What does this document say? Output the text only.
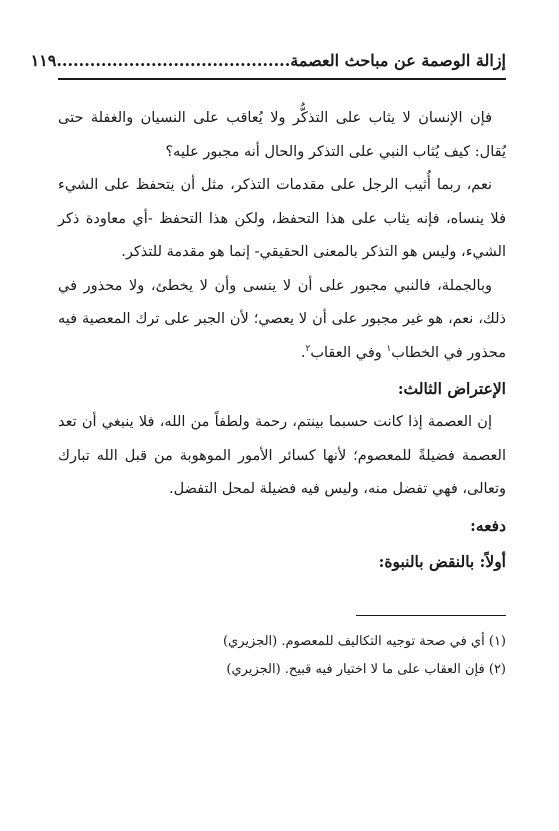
إزالة الوصمة عن مباحث العصمة
..........................................١١٩

فإن الإنسان لا يثاب على التذكُّر ولا يُعاقب على النسيان والغفلة حتى يُقال: كيف يُثاب النبي على التذكر والحال أنه مجبور عليه؟

نعم، ربما أُثيب الرجل على مقدمات التذكر، مثل أن يتحفظ على الشيء فلا ينساه، فإنه يثاب على هذا التحفظ، ولكن هذا التحفظ -أي معاودة ذكر الشيء، وليس هو التذكر بالمعنى الحقيقي- إنما هو مقدمة للتذكر.

وبالجملة، فالنبي مجبور على أن لا ينسى وأن لا يخطئ، ولا محذور في ذلك، نعم، هو غير مجبور على أن لا يعصي؛ لأن الجبر على ترك المعصية فيه محذور في الخطاب$^١$ وفي العقاب$^٢$.

الإعتراض الثالث:

إن العصمة إذا كانت حسبما بينتم، رحمة ولطفاً من الله، فلا ينبغي أن تعد العصمة فضيلةً للمعصوم؛ لأنها كسائر الأمور الموهوبة من قبل الله تبارك وتعالى، فهي تفضل منه، وليس فيه فضيلة لمحل التفضل.

دفعه:
أولاً: بالنقض بالنبوة:
(١) أي في صحة توجيه التكاليف للمعصوم. (الجزيري)
(٢) فإن العقاب على ما لا اختيار فيه قبيح. (الجزيري)
